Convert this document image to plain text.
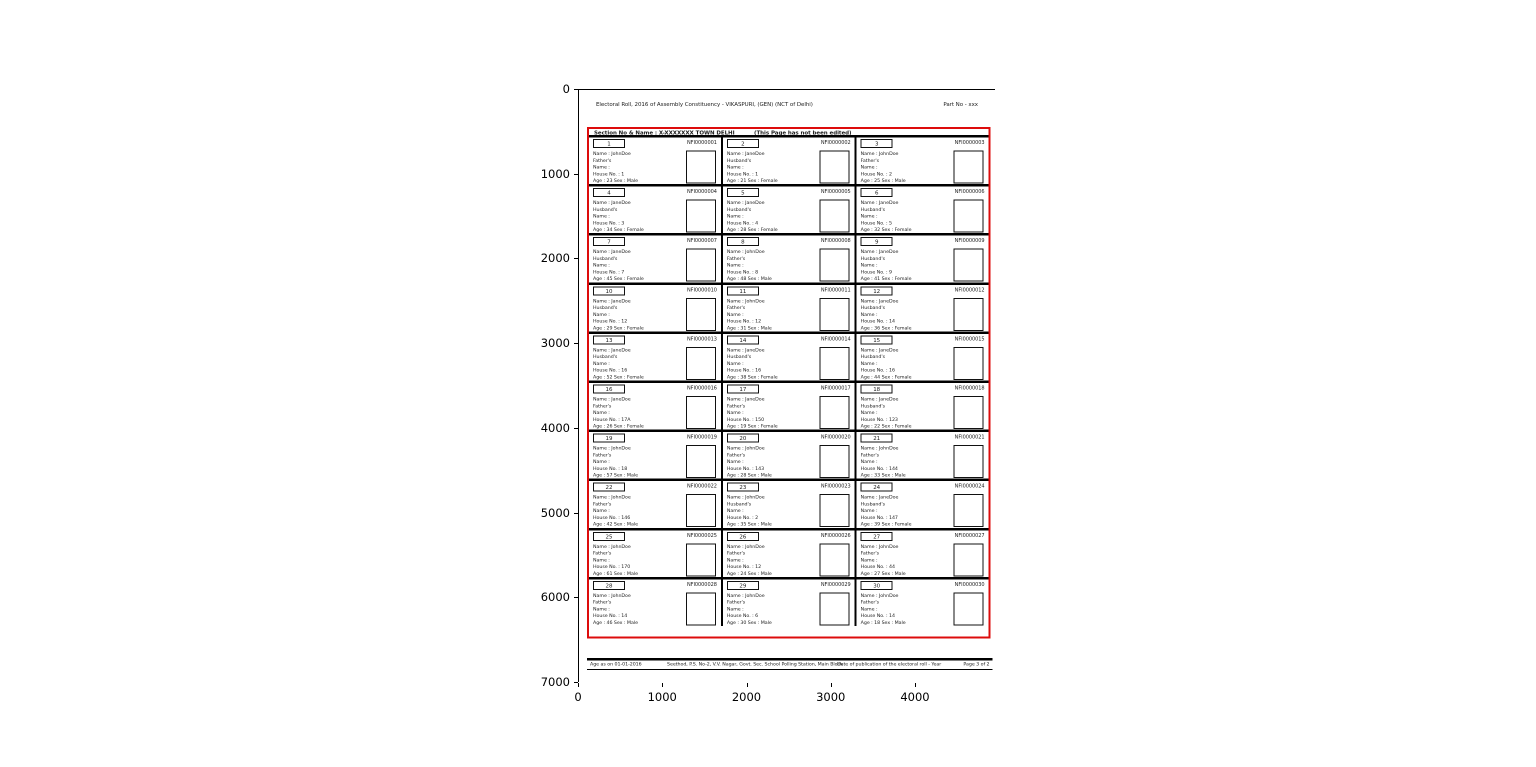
0
1000
2000
3000
4000
5000
6000
7000
0	1000	2000	3000	4000
Electoral Roll, 2016 of Assembly Constituency - VIKASPURI, (GEN) (NCT of Delhi)	Part No - xxx
Section No & Name : X-XXXXXXX TOWN DELHI (This Page has not been edited)
1	NFI0000001
Name : JohnDoe
Father's
Name :
House No. : 1
Age : 23 Sex : Male
2	NFI0000002
Name : JaneDoe
Husband's
Name :
House No. : 1
Age : 21 Sex : Female
3	NFI0000003
Name : JohnDoe
Father's
Name :
House No. : 2
Age : 25 Sex : Male
4	NFI0000004
Name : JaneDoe
Husband's
Name :
House No. : 3
Age : 34 Sex : Female
5	NFI0000005
Name : JaneDoe
Husband's
Name :
House No. : 4
Age : 28 Sex : Female
6	NFI0000006
Name : JaneDoe
Husband's
Name :
House No. : 5
Age : 32 Sex : Female
7	NFI0000007
Name : JaneDoe
Husband's
Name :
House No. : 7
Age : 45 Sex : Female
8	NFI0000008
Name : JohnDoe
Father's
Name :
House No. : 8
Age : 48 Sex : Male
9	NFI0000009
Name : JaneDoe
Husband's
Name :
House No. : 9
Age : 41 Sex : Female
10	NFI0000010
Name : JaneDoe
Husband's
Name :
House No. : 12
Age : 29 Sex : Female
11	NFI0000011
Name : JohnDoe
Father's
Name :
House No. : 12
Age : 31 Sex : Male
12	NFI0000012
Name : JaneDoe
Husband's
Name :
House No. : 14
Age : 36 Sex : Female
13	NFI0000013
Name : JaneDoe
Husband's
Name :
House No. : 16
Age : 52 Sex : Female
14	NFI0000014
Name : JaneDoe
Husband's
Name :
House No. : 16
Age : 38 Sex : Female
15	NFI0000015
Name : JaneDoe
Husband's
Name :
House No. : 16
Age : 44 Sex : Female
16	NFI0000016
Name : JaneDoe
Father's
Name :
House No. : 17A
Age : 26 Sex : Female
17	NFI0000017
Name : JaneDoe
Father's
Name :
House No. : 150
Age : 19 Sex : Female
18	NFI0000018
Name : JaneDoe
Husband's
Name :
House No. : 123
Age : 22 Sex : Female
19	NFI0000019
Name : JohnDoe
Father's
Name :
House No. : 18
Age : 57 Sex : Male
20	NFI0000020
Name : JohnDoe
Father's
Name :
House No. : 143
Age : 28 Sex : Male
21	NFI0000021
Name : JohnDoe
Father's
Name :
House No. : 144
Age : 33 Sex : Male
22	NFI0000022
Name : JohnDoe
Father's
Name :
House No. : 146
Age : 42 Sex : Male
23	NFI0000023
Name : JohnDoe
Husband's
Name :
House No. : 2
Age : 35 Sex : Male
24	NFI0000024
Name : JaneDoe
Husband's
Name :
House No. : 147
Age : 39 Sex : Female
25	NFI0000025
Name : JohnDoe
Father's
Name :
House No. : 170
Age : 61 Sex : Male
26	NFI0000026
Name : JohnDoe
Father's
Name :
House No. : 12
Age : 24 Sex : Male
27	NFI0000027
Name : JohnDoe
Father's
Name :
House No. : 44
Age : 27 Sex : Male
28	NFI0000028
Name : JohnDoe
Father's
Name :
House No. : 14
Age : 46 Sex : Male
29	NFI0000029
Name : JohnDoe
Father's
Name :
House No. : 6
Age : 30 Sex : Male
30	NFI0000030
Name : JohnDoe
Father's
Name :
House No. : 14
Age : 18 Sex : Male
Age as on 01-01-2016	Seethod, P.S. No-2, V.V. Nagar, Govt. Sec. School Polling Station, Main Block
Date of publication of the electoral roll - Year Page 3 of 2
